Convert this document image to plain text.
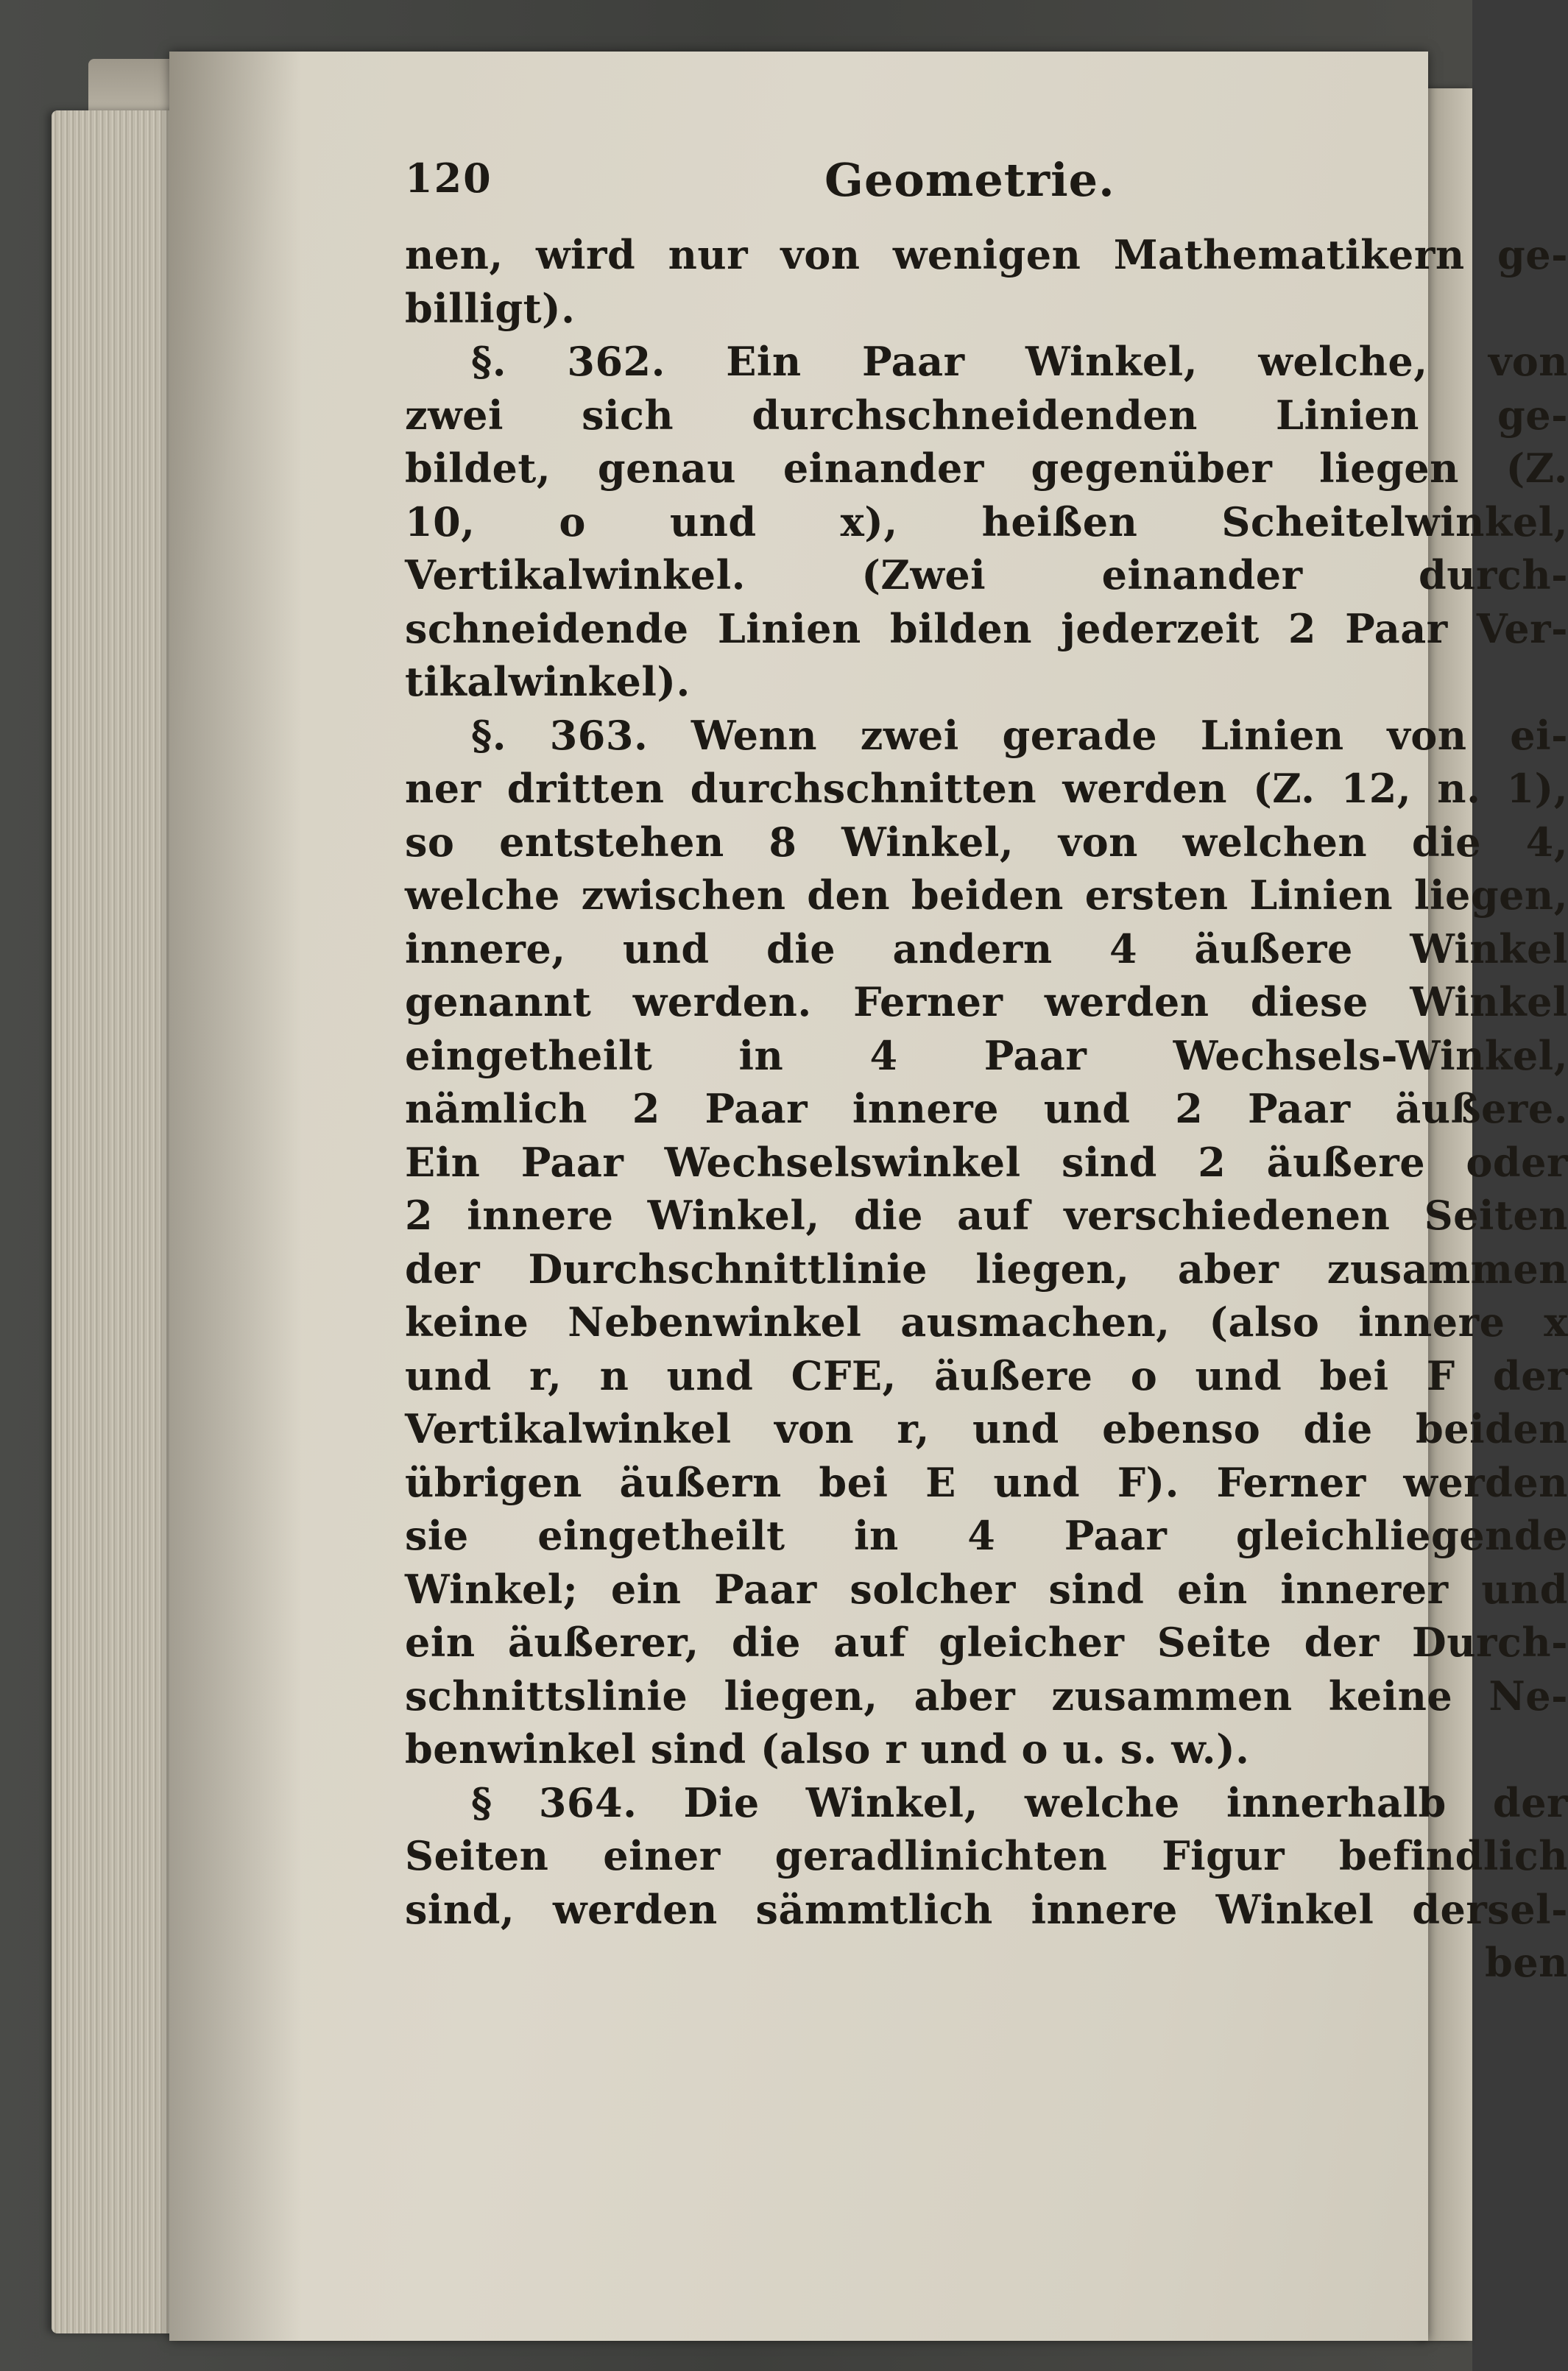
120	Geometrie.
nen, wird nur von wenigen Mathematikern ge-
billigt).
§. 362. Ein Paar Winkel, welche, von
zwei sich durchschneidenden Linien ge-
bildet, genau einander gegenüber liegen (Z.
10, o und x), heißen Scheitelwinkel,
Vertikalwinkel. (Zwei einander durch-
schneidende Linien bilden jederzeit 2 Paar Ver-
tikalwinkel).
§. 363. Wenn zwei gerade Linien von ei-
ner dritten durchschnitten werden (Z. 12, n. 1),
so entstehen 8 Winkel, von welchen die 4,
welche zwischen den beiden ersten Linien liegen,
innere, und die andern 4 äußere Winkel
genannt werden. Ferner werden diese Winkel
eingetheilt in 4 Paar Wechsels-Winkel,
nämlich 2 Paar innere und 2 Paar äußere.
Ein Paar Wechselswinkel sind 2 äußere oder
2 innere Winkel, die auf verschiedenen Seiten
der Durchschnittlinie liegen, aber zusammen
keine Nebenwinkel ausmachen, (also innere x
und r, n und CFE, äußere o und bei F der
Vertikalwinkel von r, und ebenso die beiden
übrigen äußern bei E und F). Ferner werden
sie eingetheilt in 4 Paar gleichliegende
Winkel; ein Paar solcher sind ein innerer und
ein äußerer, die auf gleicher Seite der Durch-
schnittslinie liegen, aber zusammen keine Ne-
benwinkel sind (also r und o u. s. w.).
§ 364. Die Winkel, welche innerhalb der
Seiten einer geradlinichten Figur befindlich
sind, werden sämmtlich innere Winkel dersel-
ben
